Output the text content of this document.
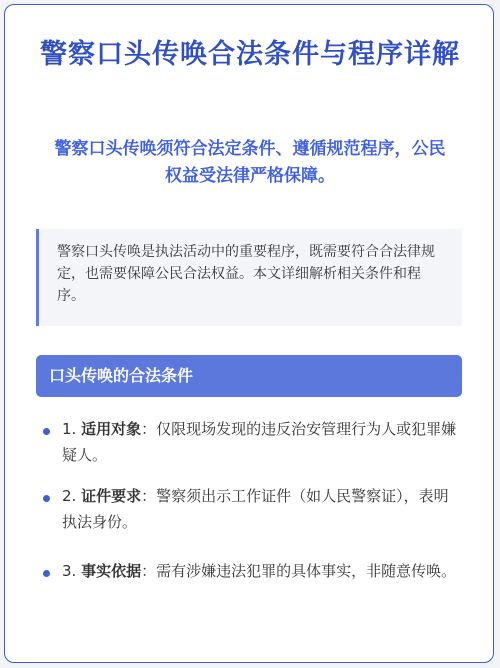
警察口头传唤合法条件与程序详解
警察口头传唤须符合法定条件、遵循规范程序，公民权益受法律严格保障。
警察口头传唤是执法活动中的重要程序，既需要符合合法律规定，也需要保障公民合法权益。本文详细解析相关条件和程序。
口头传唤的合法条件
1. 适用对象：仅限现场发现的违反治安管理行为人或犯罪嫌疑人。
2. 证件要求：警察须出示工作证件（如人民警察证），表明执法身份。
3. 事实依据：需有涉嫌违法犯罪的具体事实，非随意传唤。
